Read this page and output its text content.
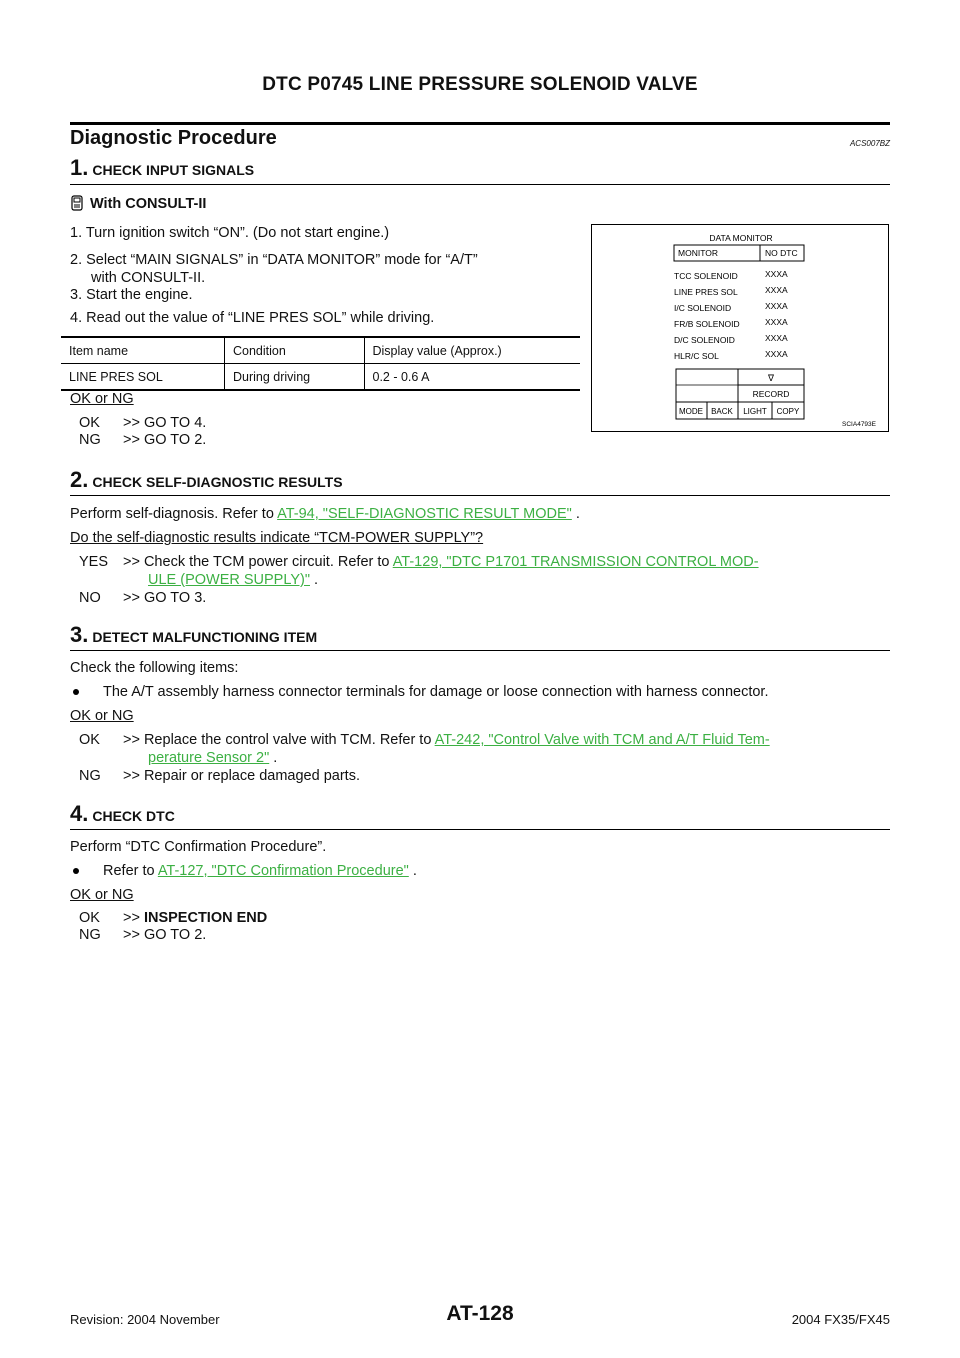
DTC P0745 LINE PRESSURE SOLENOID VALVE
Diagnostic Procedure	ACS007BZ
1. CHECK INPUT SIGNALS
With CONSULT-II
1. Turn ignition switch “ON”. (Do not start engine.)
2. Select “MAIN SIGNALS” in “DATA MONITOR” mode for “A/T”
with CONSULT-II.
3. Start the engine.
4. Read out the value of “LINE PRES SOL” while driving.
Item name	Condition	Display value (Approx.)
LINE PRES SOL	During driving	0.2 - 0.6 A
OK or NG
OK >> GO TO 4.
NG >> GO TO 2.
DATA MONITOR
MONITOR	NO DTC
TCC SOLENOID	XXXA
LINE PRES SOL	XXXA
I/C SOLENOID	XXXA
FR/B SOLENOID	XXXA
D/C SOLENOID	XXXA
HLR/C SOL	XXXA
∇
RECORD
MODE BACK LIGHT COPY
SCIA4793E
2. CHECK SELF-DIAGNOSTIC RESULTS
Perform self-diagnosis. Refer to AT-94, "SELF-DIAGNOSTIC RESULT MODE" .
Do the self-diagnostic results indicate “TCM-POWER SUPPLY”?
YES >> Check the TCM power circuit. Refer to AT-129, "DTC P1701 TRANSMISSION CONTROL MOD-
ULE (POWER SUPPLY)" .
NO >> GO TO 3.
3. DETECT MALFUNCTIONING ITEM
Check the following items:
The A/T assembly harness connector terminals for damage or loose connection with harness connector.
OK or NG
OK >> Replace the control valve with TCM. Refer to AT-242, "Control Valve with TCM and A/T Fluid Tem-
perature Sensor 2" .
NG >> Repair or replace damaged parts.
4. CHECK DTC
Perform “DTC Confirmation Procedure”.
Refer to AT-127, "DTC Confirmation Procedure" .
OK or NG
OK >> INSPECTION END
NG >> GO TO 2.
Revision: 2004 November	AT-128	2004 FX35/FX45
